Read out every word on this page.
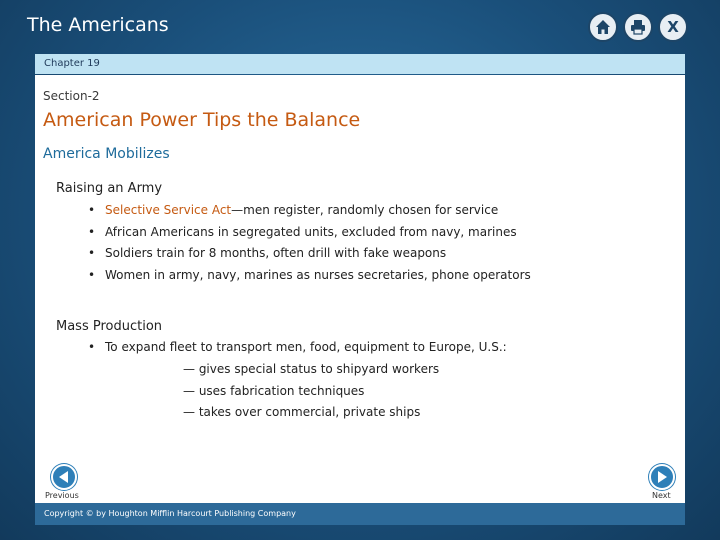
The Americans	X
Chapter 19
Section-2
American Power Tips the Balance
America Mobilizes
Raising an Army
• Selective Service Act—men register, randomly chosen for service
• African Americans in segregated units, excluded from navy, marines
• Soldiers train for 8 months, often drill with fake weapons
• Women in army, navy, marines as nurses secretaries, phone operators
Mass Production
• To expand fleet to transport men, food, equipment to Europe, U.S.:
— gives special status to shipyard workers
— uses fabrication techniques
— takes over commercial, private ships
Previous	Next
Copyright © by Houghton Mifflin Harcourt Publishing Company
